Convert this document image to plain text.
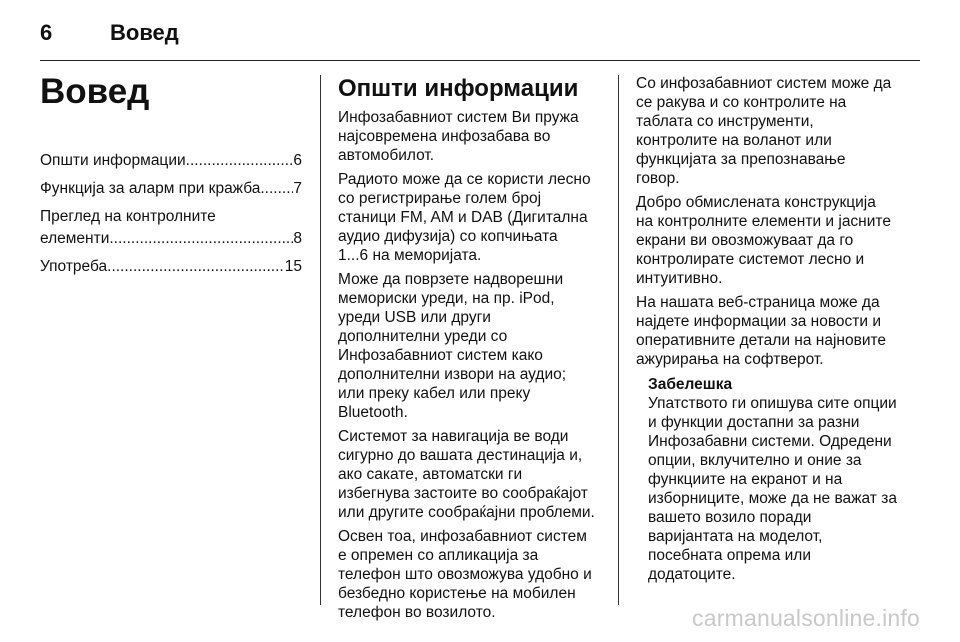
6	Вовед
Вовед
Општи информации .....	6
Функција за аларм при кражба ..... 7
Преглед на контролните
елементи .....	8
Употреба .....	15
Општи информации

Инфозабавниот систем Ви пружа
најсовремена инфозабава во
автомобилот.

Радиото може да се користи лесно
со регистрирање голем број
станици FM, AM и DAB (Дигитална
аудио дифузија) со копчињата
1...6 на меморијата.

Може да поврзете надворешни
мемориски уреди, на пр. iPod,
уреди USB или други
дополнителни уреди со
Инфозабавниот систем како
дополнителни извори на аудио;
или преку кабел или преку
Bluetooth.

Системот за навигација ве води
сигурно до вашата дестинација и,
ако сакате, автоматски ги
избегнува застоите во сообраќајот
или другите сообраќајни проблеми.

Освен тоа, инфозабавниот систем
е опремен со апликација за
телефон што овозможува удобно и
безбедно користење на мобилен
телефон во возилото.

Со инфозабавниот систем може да
се ракува и со контролите на
таблата со инструменти,
контролите на воланот или
функцијата за препознавање
говор.

Добро обмислената конструкција
на контролните елементи и јасните
екрани ви овозможуваат да го
контролирате системот лесно и
интуитивно.

На нашата веб-страница може да
најдете информации за новости и
оперативните детали на најновите
ажурирања на софтверот.

Забелешка

Упатството ги опишува сите опции
и функции достапни за разни
Инфозабавни системи. Одредени
опции, вклучително и оние за
функциите на екранот и на
изборниците, може да не важат за
вашето возило поради
варијантата на моделот,
посебната опрема или
додатоците.

carmanualsonline.info
